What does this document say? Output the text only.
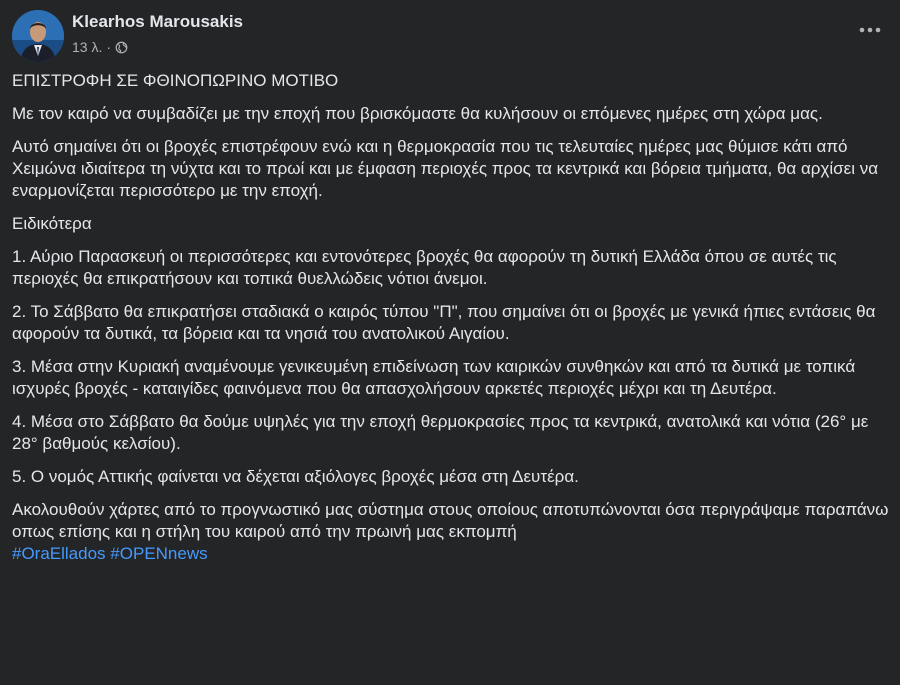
Klearhos Marousakis
13 λ. ·

ΕΠΙΣΤΡΟΦΗ ΣΕ ΦΘΙΝΟΠΩΡΙΝΟ ΜΟΤΙΒΟ

Με τον καιρό να συμβαδίζει με την εποχή που βρισκόμαστε θα κυλήσουν οι επόμενες ημέρες στη χώρα μας.

Αυτό σημαίνει ότι οι βροχές επιστρέφουν ενώ και η θερμοκρασία που τις τελευταίες ημέρες μας θύμισε κάτι από Χειμώνα ιδιαίτερα τη νύχτα και το πρωί και με έμφαση περιοχές προς τα κεντρικά και βόρεια τμήματα, θα αρχίσει να εναρμονίζεται περισσότερο με την εποχή.

Ειδικότερα

1. Αύριο Παρασκευή οι περισσότερες και εντονότερες βροχές θα αφορούν τη δυτική Ελλάδα όπου σε αυτές τις περιοχές θα επικρατήσουν και τοπικά θυελλώδεις νότιοι άνεμοι.

2. Το Σάββατο θα επικρατήσει σταδιακά ο καιρός τύπου "Π", που σημαίνει ότι οι βροχές με γενικά ήπιες εντάσεις θα αφορούν τα δυτικά, τα βόρεια και τα νησιά του ανατολικού Αιγαίου.

3. Μέσα στην Κυριακή αναμένουμε γενικευμένη επιδείνωση των καιρικών συνθηκών και από τα δυτικά με τοπικά ισχυρές βροχές - καταιγίδες φαινόμενα που θα απασχολήσουν αρκετές περιοχές μέχρι και τη Δευτέρα.

4. Μέσα στο Σάββατο θα δούμε υψηλές για την εποχή θερμοκρασίες προς τα κεντρικά, ανατολικά και νότια (26° με 28° βαθμούς κελσίου).

5. Ο νομός Αττικής φαίνεται να δέχεται αξιόλογες βροχές μέσα στη Δευτέρα.

Ακολουθούν χάρτες από το προγνωστικό μας σύστημα στους οποίους αποτυπώνονται όσα περιγράψαμε παραπάνω οπως επίσης και η στήλη του καιρού από την πρωινή μας εκπομπή
#OraEllados #OPENnews
